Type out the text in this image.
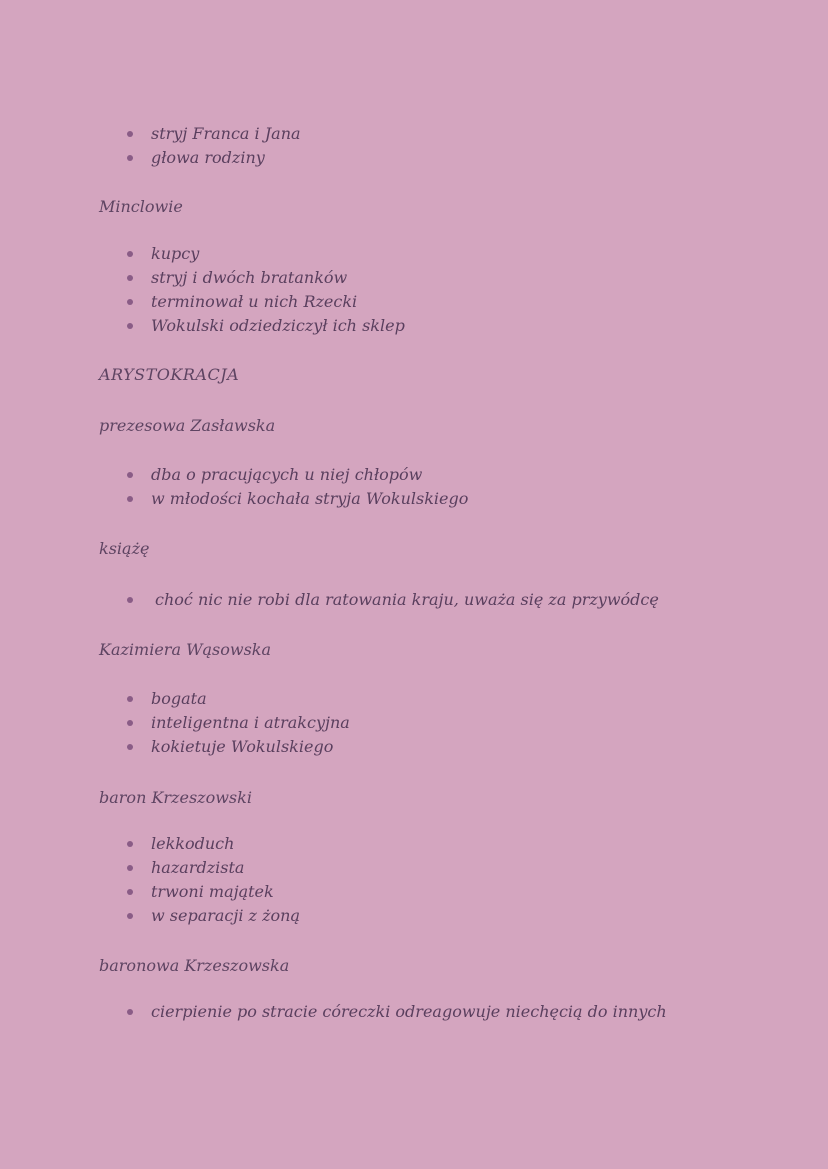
stryj Franca i Jana
głowa rodziny
Minclowie
kupcy
stryj i dwóch bratanków
terminował u nich Rzecki
Wokulski odziedziczył ich sklep
ARYSTOKRACJA
prezesowa Zasławska
dba o pracujących u niej chłopów
w młodości kochała stryja Wokulskiego
książę
choć nic nie robi dla ratowania kraju, uważa się za przywódcę
Kazimiera Wąsowska
bogata
inteligentna i atrakcyjna
kokietuje Wokulskiego
baron Krzeszowski
lekkoduch
hazardzista
trwoni majątek
w separacji z żoną
baronowa Krzeszowska
cierpienie po stracie córeczki odreagowuje niechęcią do innych
